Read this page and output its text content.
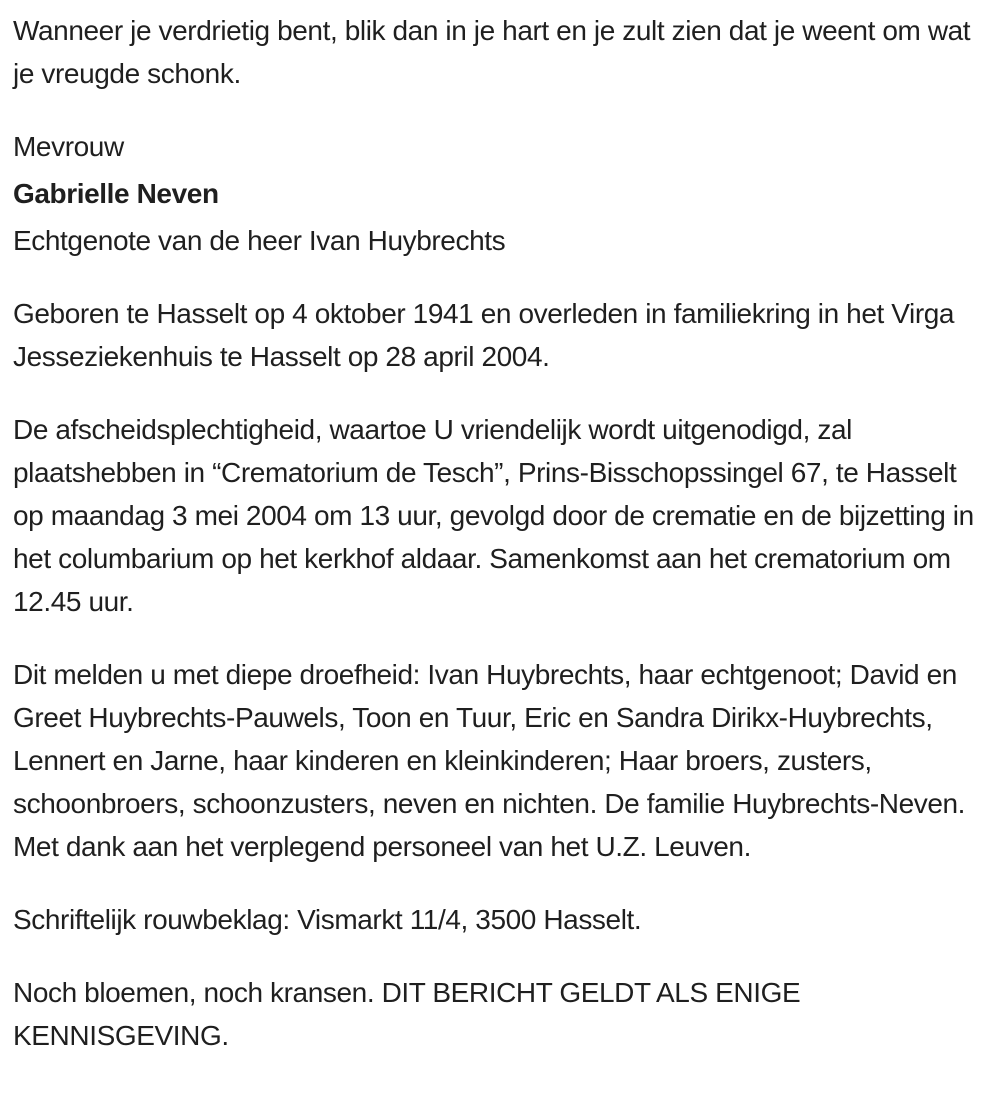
Wanneer je verdrietig bent, blik dan in je hart en je zult zien dat je weent om wat je vreugde schonk.

Mevrouw

Gabrielle Neven

Echtgenote van de heer Ivan Huybrechts

Geboren te Hasselt op 4 oktober 1941 en overleden in familiekring in het Virga Jesseziekenhuis te Hasselt op 28 april 2004.

De afscheidsplechtigheid, waartoe U vriendelijk wordt uitgenodigd, zal plaatshebben in “Crematorium de Tesch”, Prins-Bisschopssingel 67, te Hasselt op maandag 3 mei 2004 om 13 uur, gevolgd door de crematie en de bijzetting in het columbarium op het kerkhof aldaar. Samenkomst aan het crematorium om 12.45 uur.

Dit melden u met diepe droefheid: Ivan Huybrechts, haar echtgenoot; David en Greet Huybrechts-Pauwels, Toon en Tuur, Eric en Sandra Dirikx-Huybrechts, Lennert en Jarne, haar kinderen en kleinkinderen; Haar broers, zusters, schoonbroers, schoonzusters, neven en nichten. De familie Huybrechts-Neven. Met dank aan het verplegend personeel van het U.Z. Leuven.

Schriftelijk rouwbeklag: Vismarkt 11/4, 3500 Hasselt.

Noch bloemen, noch kransen. DIT BERICHT GELDT ALS ENIGE KENNISGEVING.
